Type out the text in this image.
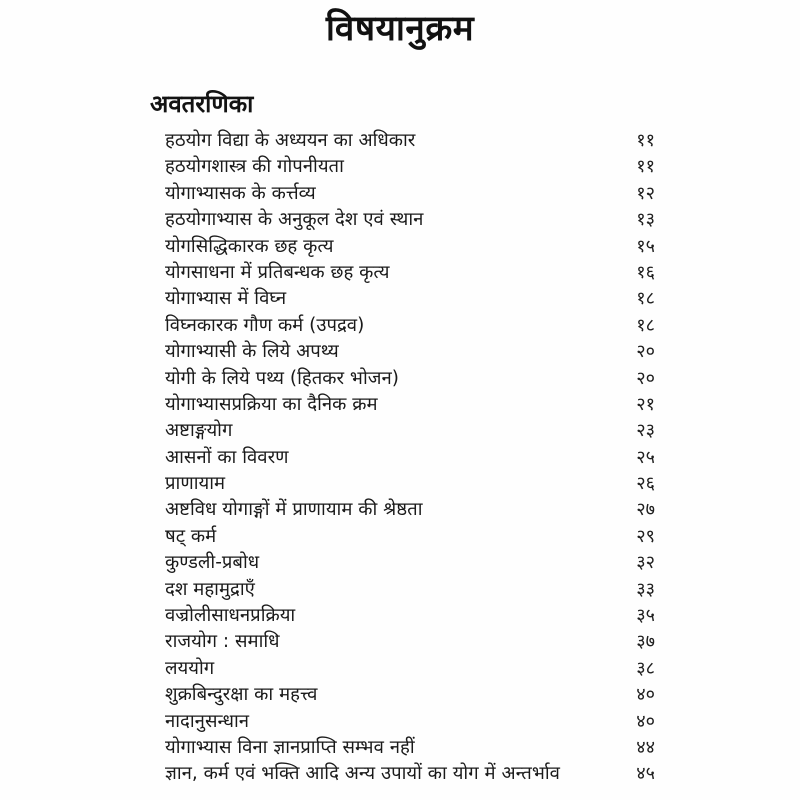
विषयानुक्रम
अवतरणिका
हठयोग विद्या के अध्ययन का अधिकार	११
हठयोगशास्त्र की गोपनीयता	११
योगाभ्यासक के कर्त्तव्य	१२
हठयोगाभ्यास के अनुकूल देश एवं स्थान	१३
योगसिद्धिकारक छह कृत्य	१५
योगसाधना में प्रतिबन्धक छह कृत्य	१६
योगाभ्यास में विघ्न	१८
विघ्नकारक गौण कर्म (उपद्रव)	१८
योगाभ्यासी के लिये अपथ्य	२०
योगी के लिये पथ्य (हितकर भोजन)	२०
योगाभ्यासप्रक्रिया का दैनिक क्रम	२१
अष्टाङ्गयोग	२३
आसनों का विवरण	२५
प्राणायाम	२६
अष्टविध योगाङ्गों में प्राणायाम की श्रेष्ठता	२७
षट् कर्म	२९
कुण्डली-प्रबोध	३२
दश महामुद्राएँ	३३
वज्रोलीसाधनप्रक्रिया	३५
राजयोग : समाधि	३७
लययोग	३८
शुक्रबिन्दुरक्षा का महत्त्व	४०
नादानुसन्धान	४०
योगाभ्यास विना ज्ञानप्राप्ति सम्भव नहीं	४४
ज्ञान, कर्म एवं भक्ति आदि अन्य उपायों का योग में अन्तर्भाव	४५
